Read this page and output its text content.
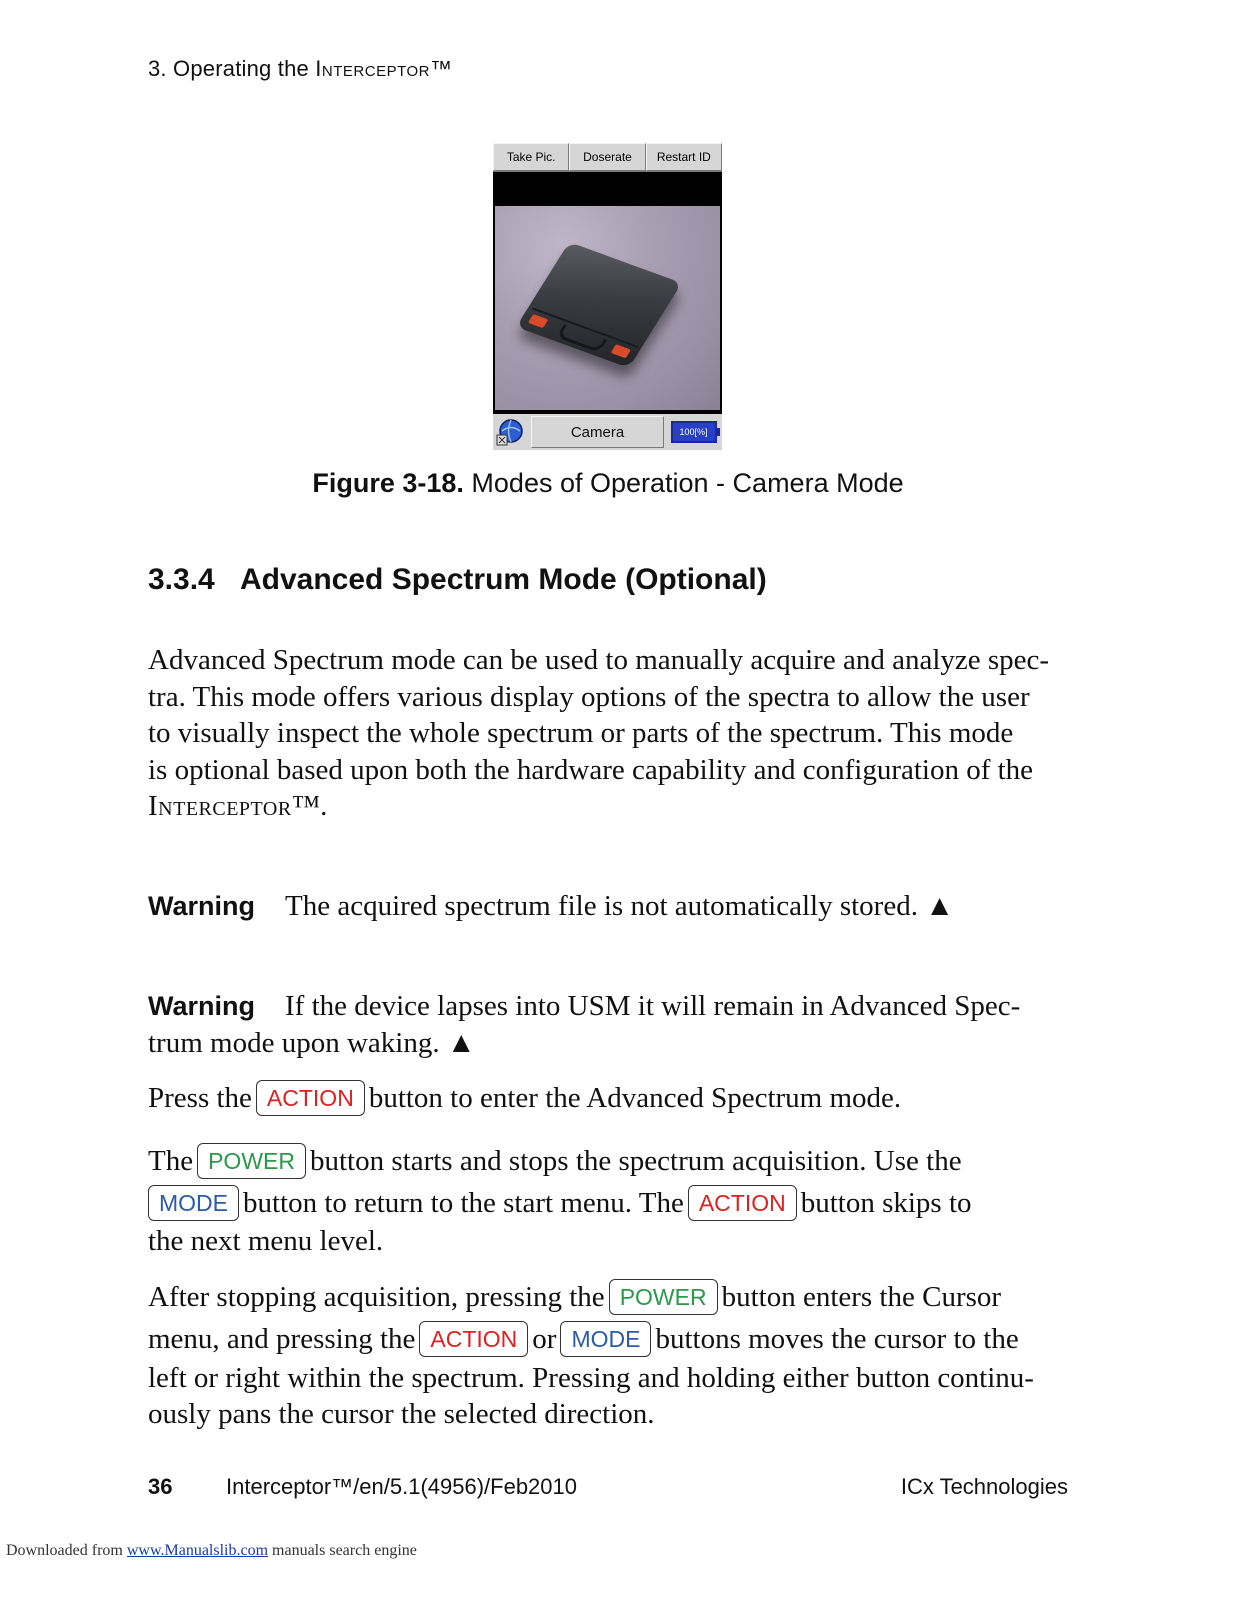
3. Operating the Interceptor™
Take Pic.	Doserate	Restart ID
Camera	100[%]
Figure 3-18. Modes of Operation - Camera Mode
3.3.4 Advanced Spectrum Mode (Optional)
Advanced Spectrum mode can be used to manually acquire and analyze spec-
tra. This mode offers various display options of the spectra to allow the user
to visually inspect the whole spectrum or parts of the spectrum. This mode
is optional based upon both the hardware capability and configuration of the
Interceptor™.
Warning The acquired spectrum file is not automatically stored. ▲
Warning If the device lapses into USM it will remain in Advanced Spec-
trum mode upon waking. ▲
Press the ACTION button to enter the Advanced Spectrum mode.
The POWER button starts and stops the spectrum acquisition. Use the
MODE button to return to the start menu. The ACTION button skips to
the next menu level.
After stopping acquisition, pressing the POWER button enters the Cursor
menu, and pressing the ACTION or MODE buttons moves the cursor to the
left or right within the spectrum. Pressing and holding either button continu-
ously pans the cursor the selected direction.
36 Interceptor™/en/5.1(4956)/Feb2010	ICx Technologies
Downloaded from www.Manualslib.com manuals search engine
